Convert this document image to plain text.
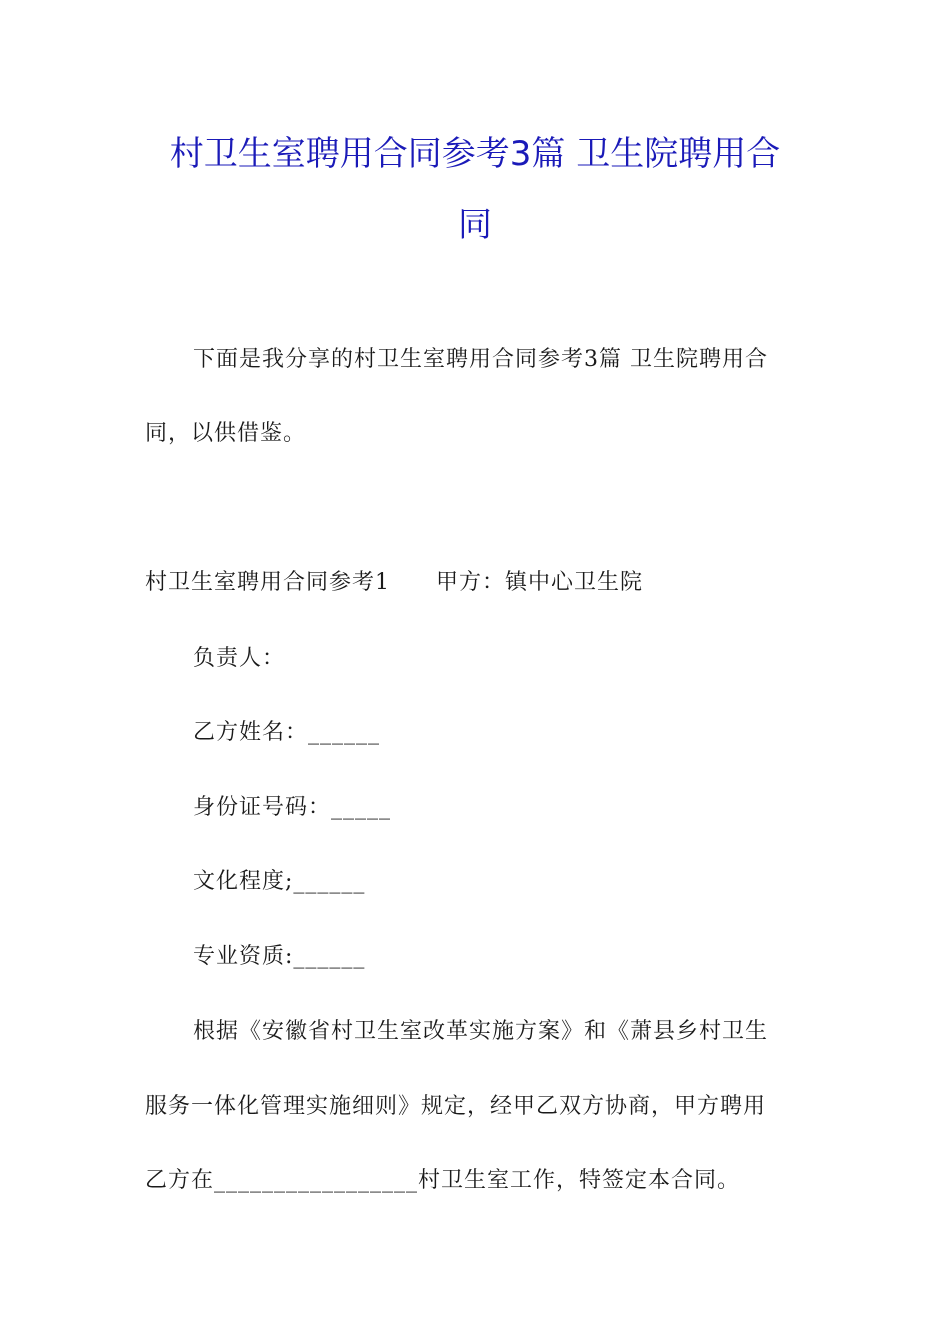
村卫生室聘用合同参考3篇 卫生院聘用合
同
下面是我分享的村卫生室聘用合同参考3篇 卫生院聘用合
同，以供借鉴。
村卫生室聘用合同参考1　　甲方：镇中心卫生院
负责人：
乙方姓名：______
身份证号码：_____
文化程度;______
专业资质:______
根据《安徽省村卫生室改革实施方案》和《萧县乡村卫生
服务一体化管理实施细则》规定，经甲乙双方协商，甲方聘用
乙方在_________________村卫生室工作，特签定本合同。
